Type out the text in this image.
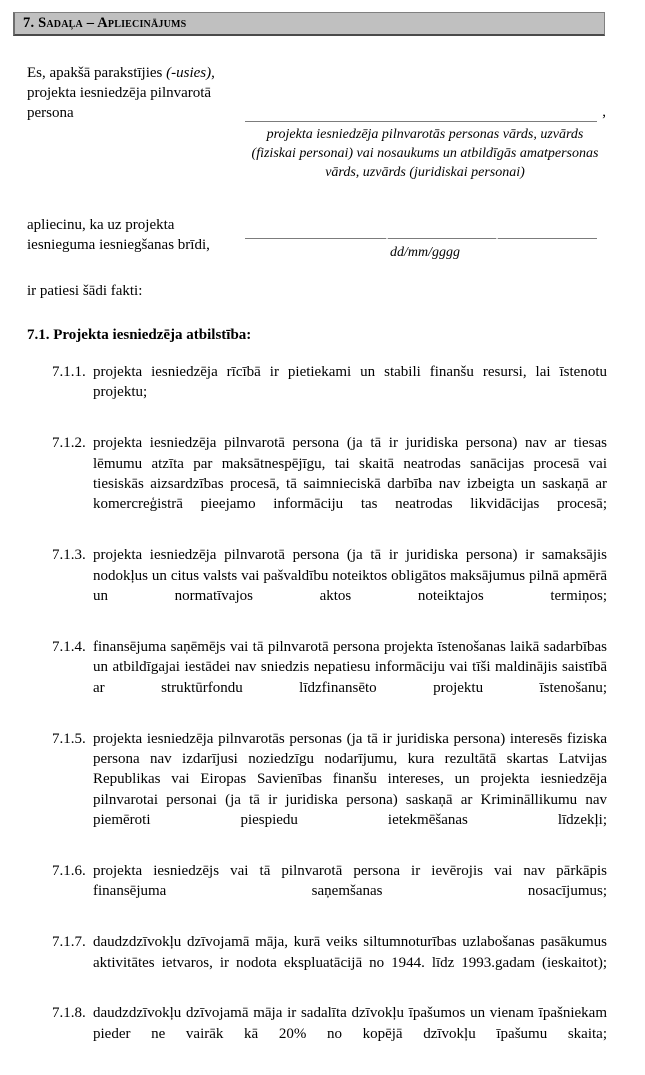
7. Sadaļa – Apliecinājums
Es, apakšā parakstījies (-usies),
projekta iesniedzēja pilnvarotā
persona	,
projekta iesniedzēja pilnvarotās personas vārds, uzvārds (fiziskai personai) vai nosaukums un atbildīgās amatpersonas vārds, uzvārds (juridiskai personai)
apliecinu, ka uz projekta
iesnieguma iesniegšanas brīdi,	dd/mm/gggg
ir patiesi šādi fakti:
7.1. Projekta iesniedzēja atbilstība:
7.1.1. projekta iesniedzēja rīcībā ir pietiekami un stabili finanšu resursi, lai īstenotu projektu;
7.1.2. projekta iesniedzēja pilnvarotā persona (ja tā ir juridiska persona) nav ar tiesas lēmumu atzīta par maksātnespējīgu, tai skaitā neatrodas sanācijas procesā vai tiesiskās aizsardzības procesā, tā saimnieciskā darbība nav izbeigta un saskaņā ar komercreģistrā pieejamo informāciju tas neatrodas likvidācijas procesā;
7.1.3. projekta iesniedzēja pilnvarotā persona (ja tā ir juridiska persona) ir samaksājis nodokļus un citus valsts vai pašvaldību noteiktos obligātos maksājumus pilnā apmērā un normatīvajos aktos noteiktajos termiņos;
7.1.4. finansējuma saņēmējs vai tā pilnvarotā persona projekta īstenošanas laikā sadarbības un atbildīgajai iestādei nav sniedzis nepatiesu informāciju vai tīši maldinājis saistībā ar struktūrfondu līdzfinansēto projektu īstenošanu;
7.1.5. projekta iesniedzēja pilnvarotās personas (ja tā ir juridiska persona) interesēs fiziska persona nav izdarījusi noziedzīgu nodarījumu, kura rezultātā skartas Latvijas Republikas vai Eiropas Savienības finanšu intereses, un projekta iesniedzēja pilnvarotai personai (ja tā ir juridiska persona) saskaņā ar Krimināllikumu nav piemēroti piespiedu ietekmēšanas līdzekļi;
7.1.6. projekta iesniedzējs vai tā pilnvarotā persona ir ievērojis vai nav pārkāpis finansējuma saņemšanas nosacījumus;
7.1.7. daudzdzīvokļu dzīvojamā māja, kurā veiks siltumnoturības uzlabošanas pasākumus aktivitātes ietvaros, ir nodota ekspluatācijā no 1944. līdz 1993.gadam (ieskaitot);
7.1.8. daudzdzīvokļu dzīvojamā māja ir sadalīta dzīvokļu īpašumos un vienam īpašniekam pieder ne vairāk kā 20% no kopējā dzīvokļu īpašumu skaita;
